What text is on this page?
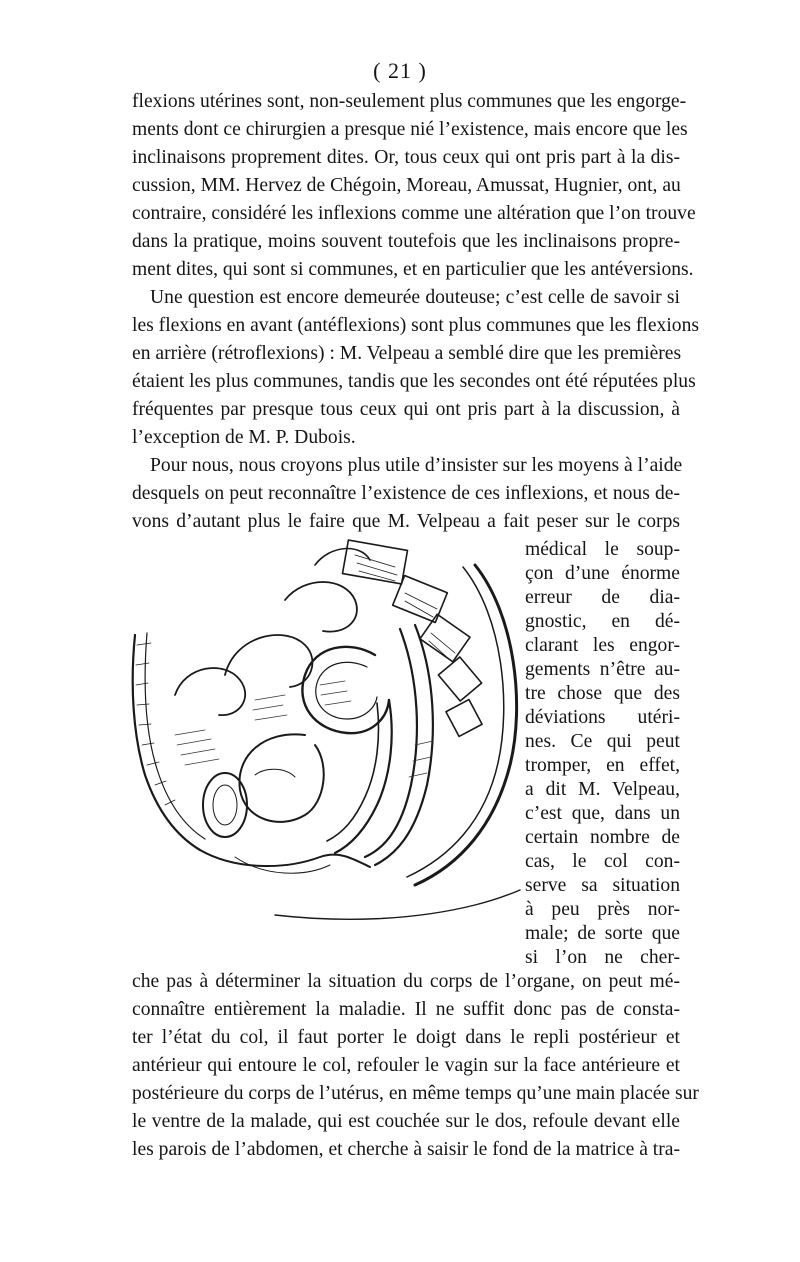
( 21 )
flexions utérines sont, non-seulement plus communes que les engorge-
ments dont ce chirurgien a presque nié l’existence, mais encore que les
inclinaisons proprement dites. Or, tous ceux qui ont pris part à la dis-
cussion, MM. Hervez de Chégoin, Moreau, Amussat, Hugnier, ont, au
contraire, considéré les inflexions comme une altération que l’on trouve
dans la pratique, moins souvent toutefois que les inclinaisons propre-
ment dites, qui sont si communes, et en particulier que les antéversions.
Une question est encore demeurée douteuse; c’est celle de savoir si
les flexions en avant (antéflexions) sont plus communes que les flexions
en arrière (rétroflexions) : M. Velpeau a semblé dire que les premières
étaient les plus communes, tandis que les secondes ont été réputées plus
fréquentes par presque tous ceux qui ont pris part à la discussion, à
l’exception de M. P. Dubois.
Pour nous, nous croyons plus utile d’insister sur les moyens à l’aide
desquels on peut reconnaître l’existence de ces inflexions, et nous de-
vons d’autant plus le faire que M. Velpeau a fait peser sur le corps
médical le soup-
çon d’une énorme
erreur de dia-
gnostic, en dé-
clarant les engor-
gements n’être au-
tre chose que des
déviations utéri-
nes. Ce qui peut
tromper, en effet,
a dit M. Velpeau,
c’est que, dans un
certain nombre de
cas, le col con-
serve sa situation
à peu près nor-
male; de sorte que
si l’on ne cher-
che pas à déterminer la situation du corps de l’organe, on peut mé-
connaître entièrement la maladie. Il ne suffit donc pas de consta-
ter l’état du col, il faut porter le doigt dans le repli postérieur et
antérieur qui entoure le col, refouler le vagin sur la face antérieure et
postérieure du corps de l’utérus, en même temps qu’une main placée sur
le ventre de la malade, qui est couchée sur le dos, refoule devant elle
les parois de l’abdomen, et cherche à saisir le fond de la matrice à tra-
